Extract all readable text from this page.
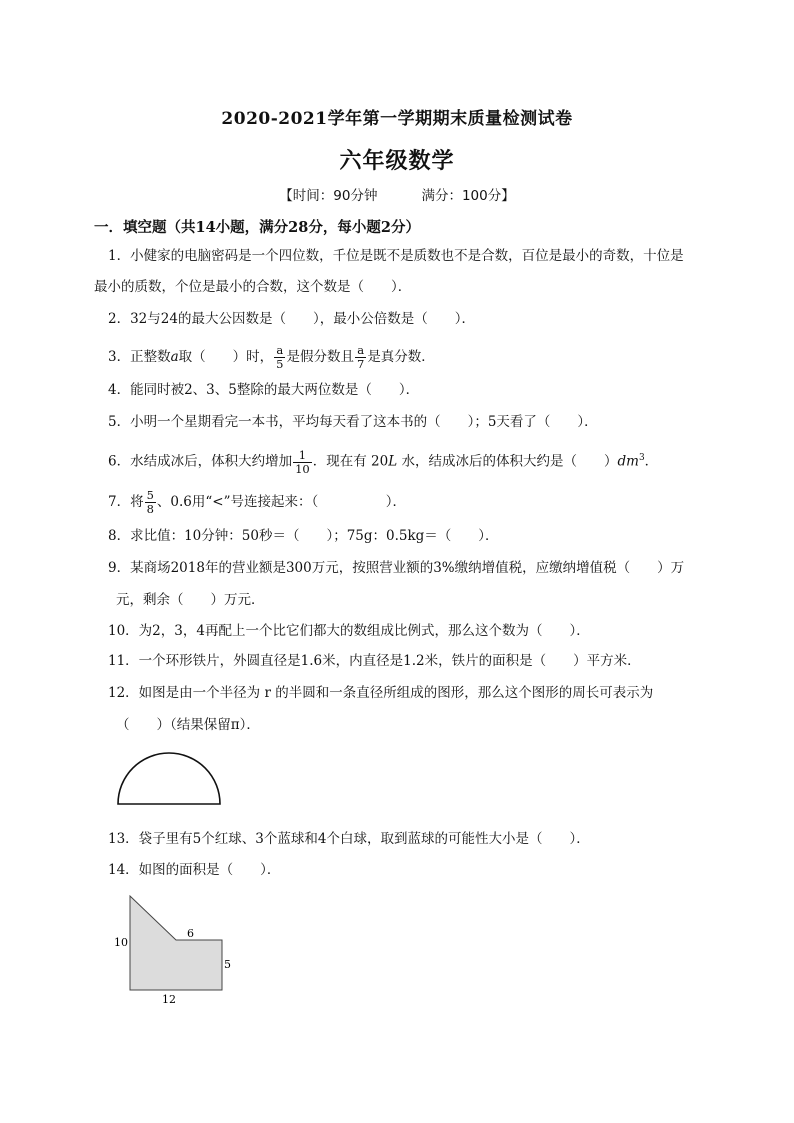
2020-2021学年第一学期期末质量检测试卷
六年级数学
【时间：90分钟	满分：100分】
一．填空题（共14小题，满分28分，每小题2分）
1．小健家的电脑密码是一个四位数，千位是既不是质数也不是合数，百位是最小的奇数，十位是
最小的质数，个位是最小的合数，这个数是（　　）．
2．32与24的最大公因数是（　　），最小公倍数是（　　）．
3．正整数a取（　　）时， $\frac{a}{5}$ 是假分数且 $\frac{a}{7}$ 是真分数．
4．能同时被2、3、5整除的最大两位数是（　　）．
5．小明一个星期看完一本书，平均每天看了这本书的（　　）；5天看了（　　）．
6．水结成冰后，体积大约增加 $\frac{1}{10}$ ．现在有 20L 水，结成冰后的体积大约是（　　）$dm^3$．
7．将 $\frac{5}{8}$ 、0.6用“<”号连接起来：（　　　　　）．
8．求比值：10分钟：50秒＝（　　）；75g：0.5kg＝（　　）．
9．某商场2018年的营业额是300万元，按照营业额的3%缴纳增值税，应缴纳增值税（　　）万
元，剩余（　　）万元．
10．为2，3，4再配上一个比它们都大的数组成比例式，那么这个数为（　　）．
11．一个环形铁片，外圆直径是1.6米，内直径是1.2米，铁片的面积是（　　）平方米．
12．如图是由一个半径为 r 的半圆和一条直径所组成的图形，那么这个图形的周长可表示为
（　　）（结果保留π）．
13．袋子里有5个红球、3个蓝球和4个白球，取到蓝球的可能性大小是（　　）．
14．如图的面积是（　　）．
10
6
5
12
